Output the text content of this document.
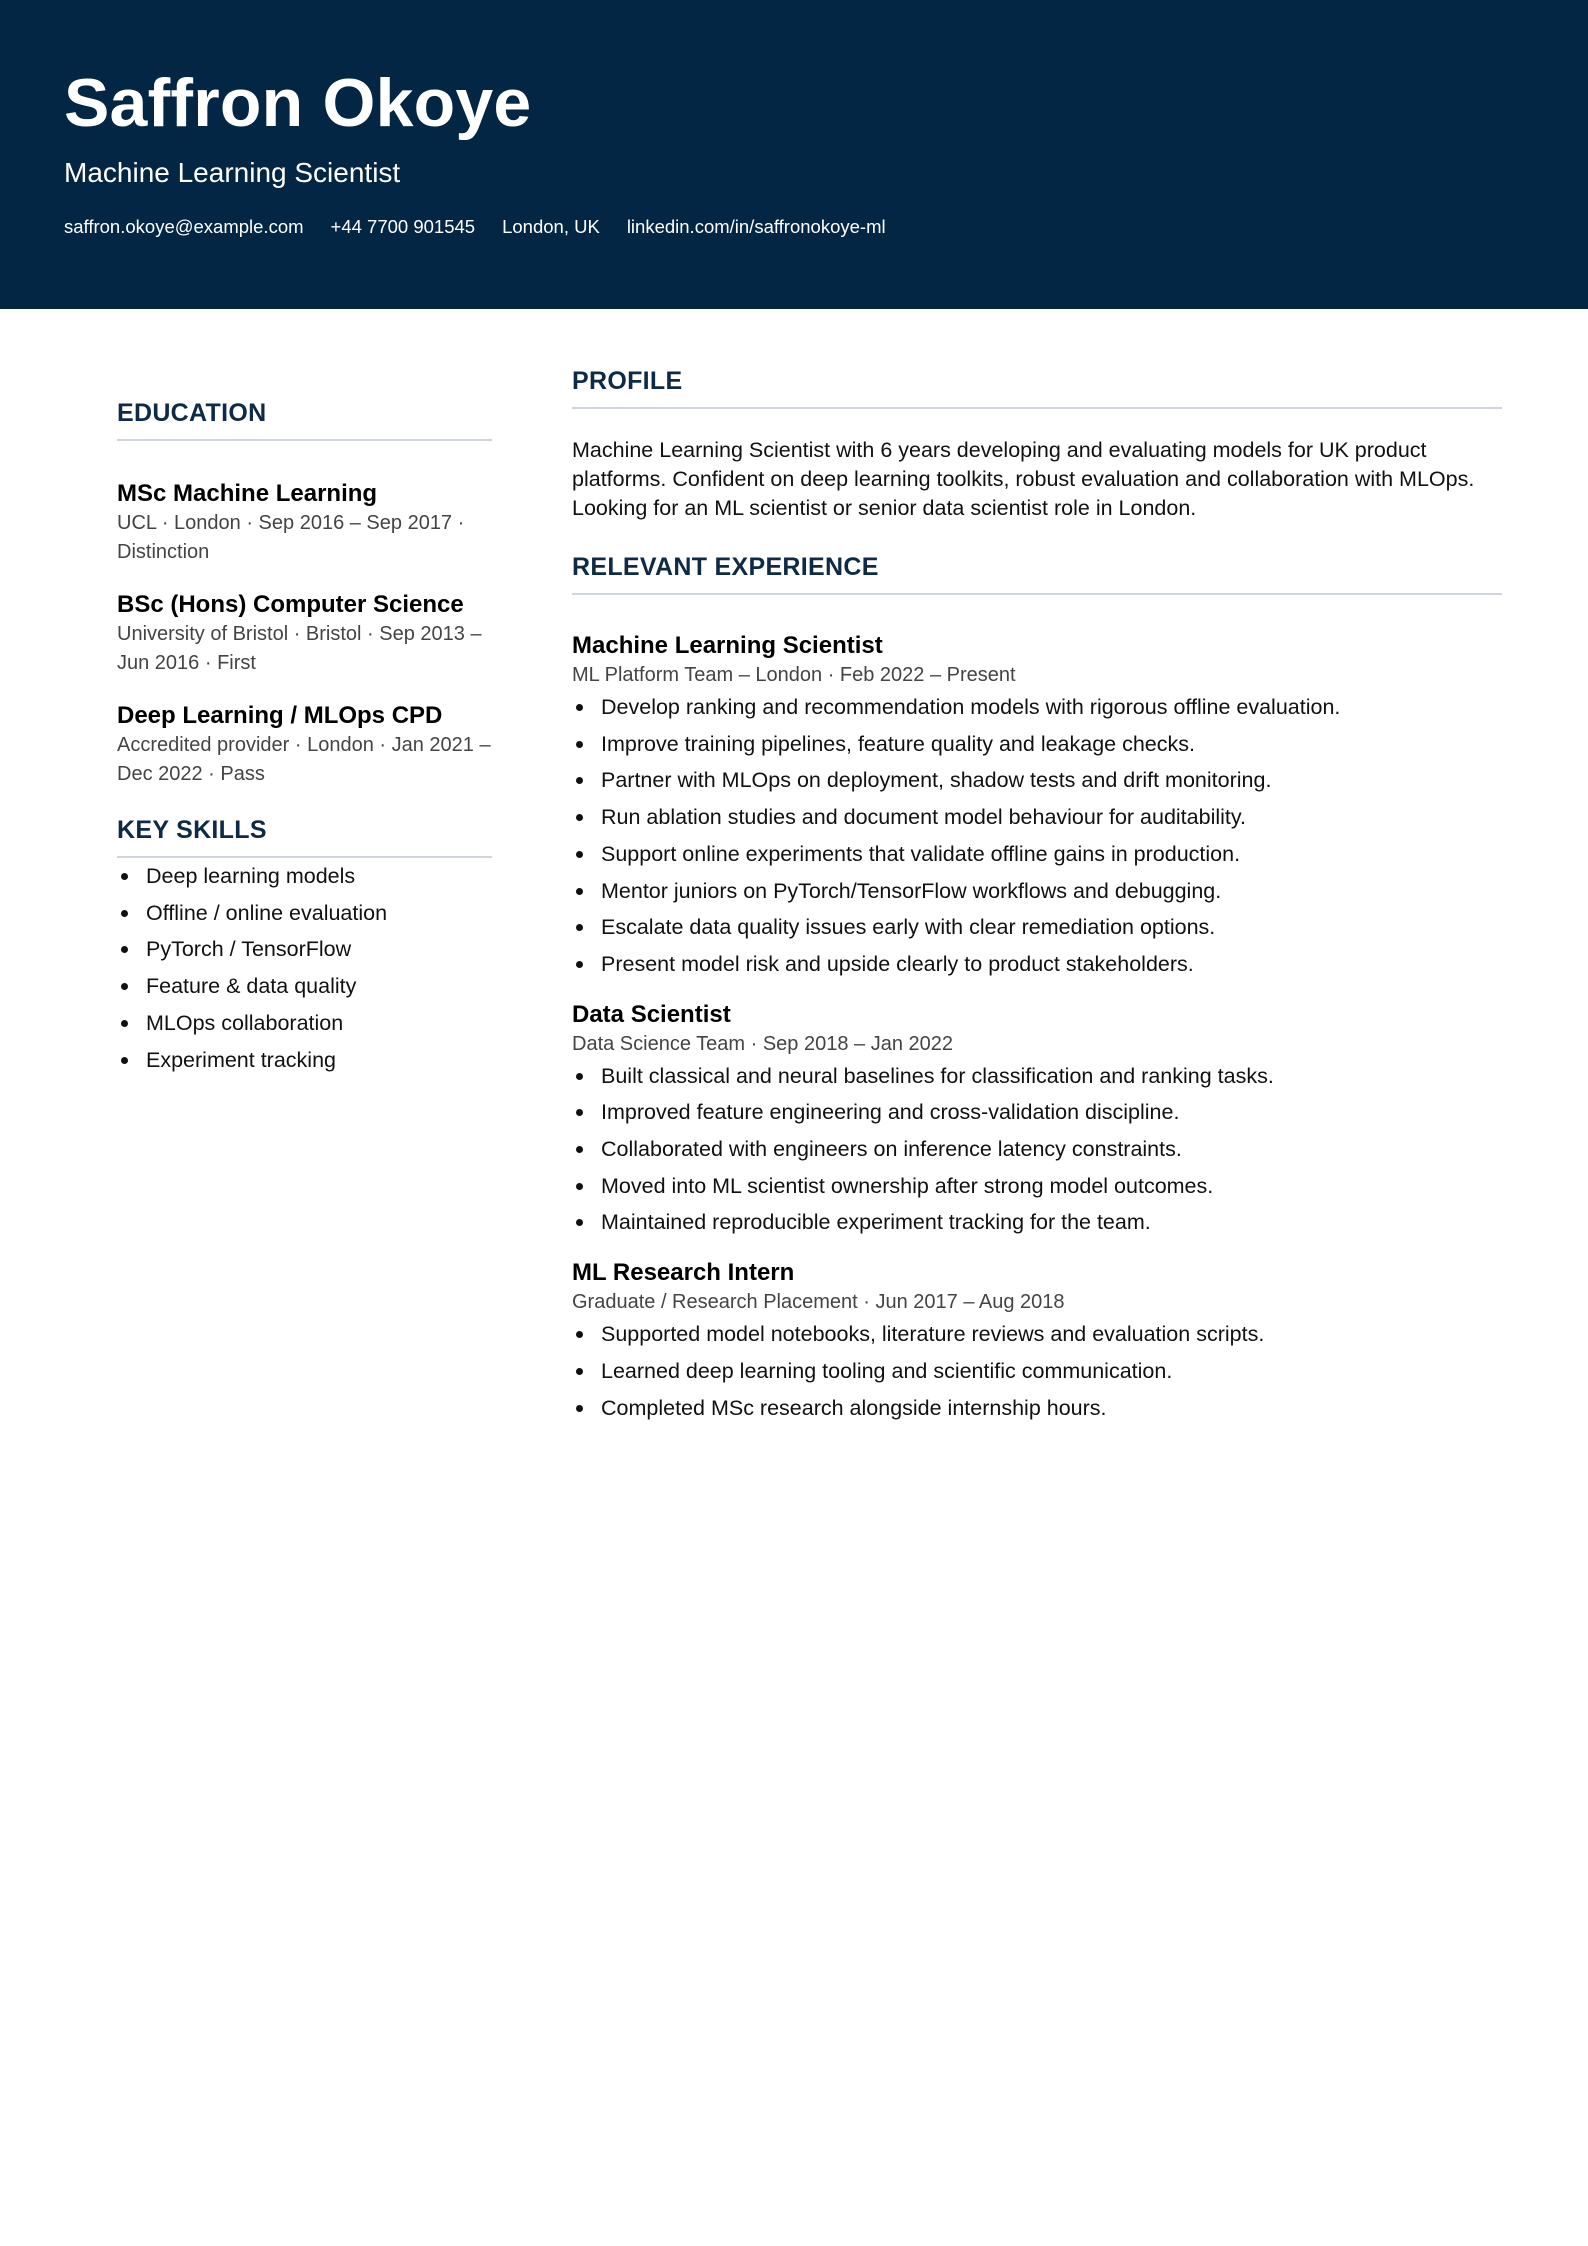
Saffron Okoye
Machine Learning Scientist
saffron.okoye@example.com +44 7700 901545 London, UK linkedin.com/in/saffronokoye-ml
EDUCATION
MSc Machine Learning
UCL · London · Sep 2016 – Sep 2017 · Distinction
BSc (Hons) Computer Science
University of Bristol · Bristol · Sep 2013 – Jun 2016 · First
Deep Learning / MLOps CPD
Accredited provider · London · Jan 2021 – Dec 2022 · Pass
KEY SKILLS
Deep learning models
Offline / online evaluation
PyTorch / TensorFlow
Feature & data quality
MLOps collaboration
Experiment tracking
PROFILE
Machine Learning Scientist with 6 years developing and evaluating models for UK product platforms. Confident on deep learning toolkits, robust evaluation and collaboration with MLOps. Looking for an ML scientist or senior data scientist role in London.
RELEVANT EXPERIENCE
Machine Learning Scientist
ML Platform Team – London · Feb 2022 – Present
Develop ranking and recommendation models with rigorous offline evaluation.
Improve training pipelines, feature quality and leakage checks.
Partner with MLOps on deployment, shadow tests and drift monitoring.
Run ablation studies and document model behaviour for auditability.
Support online experiments that validate offline gains in production.
Mentor juniors on PyTorch/TensorFlow workflows and debugging.
Escalate data quality issues early with clear remediation options.
Present model risk and upside clearly to product stakeholders.
Data Scientist
Data Science Team · Sep 2018 – Jan 2022
Built classical and neural baselines for classification and ranking tasks.
Improved feature engineering and cross-validation discipline.
Collaborated with engineers on inference latency constraints.
Moved into ML scientist ownership after strong model outcomes.
Maintained reproducible experiment tracking for the team.
ML Research Intern
Graduate / Research Placement · Jun 2017 – Aug 2018
Supported model notebooks, literature reviews and evaluation scripts.
Learned deep learning tooling and scientific communication.
Completed MSc research alongside internship hours.
